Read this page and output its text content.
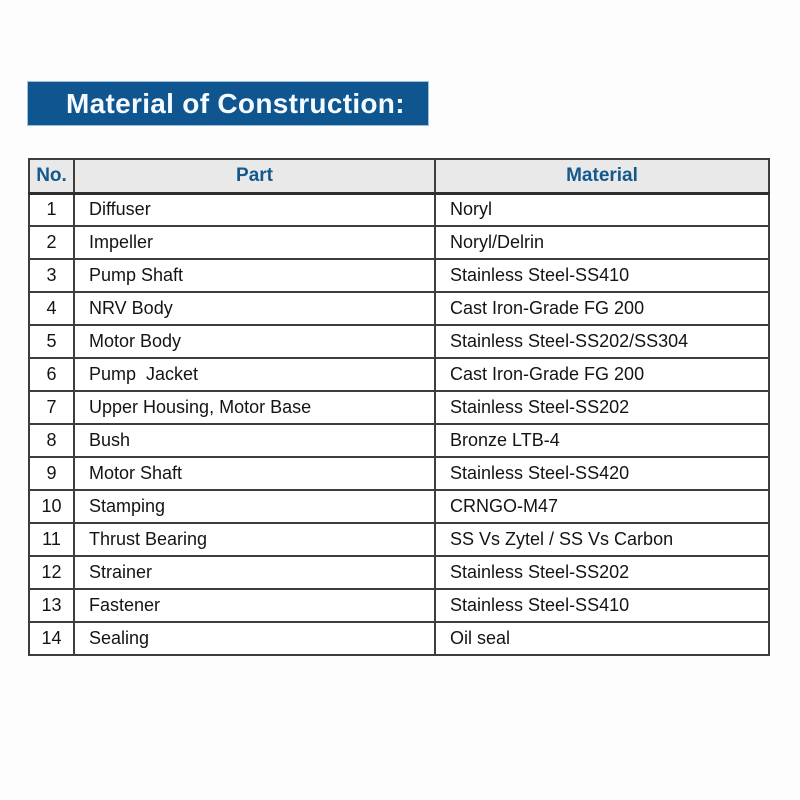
Material of Construction:
No.	Part	Material
1	Diffuser	Noryl
2	Impeller	Noryl/Delrin
3	Pump Shaft	Stainless Steel-SS410
4	NRV Body	Cast Iron-Grade FG 200
5	Motor Body	Stainless Steel-SS202/SS304
6	Pump  Jacket	Cast Iron-Grade FG 200
7	Upper Housing, Motor Base	Stainless Steel-SS202
8	Bush	Bronze LTB-4
9	Motor Shaft	Stainless Steel-SS420
10	Stamping	CRNGO-M47
11	Thrust Bearing	SS Vs Zytel / SS Vs Carbon
12	Strainer	Stainless Steel-SS202
13	Fastener	Stainless Steel-SS410
14	Sealing	Oil seal
